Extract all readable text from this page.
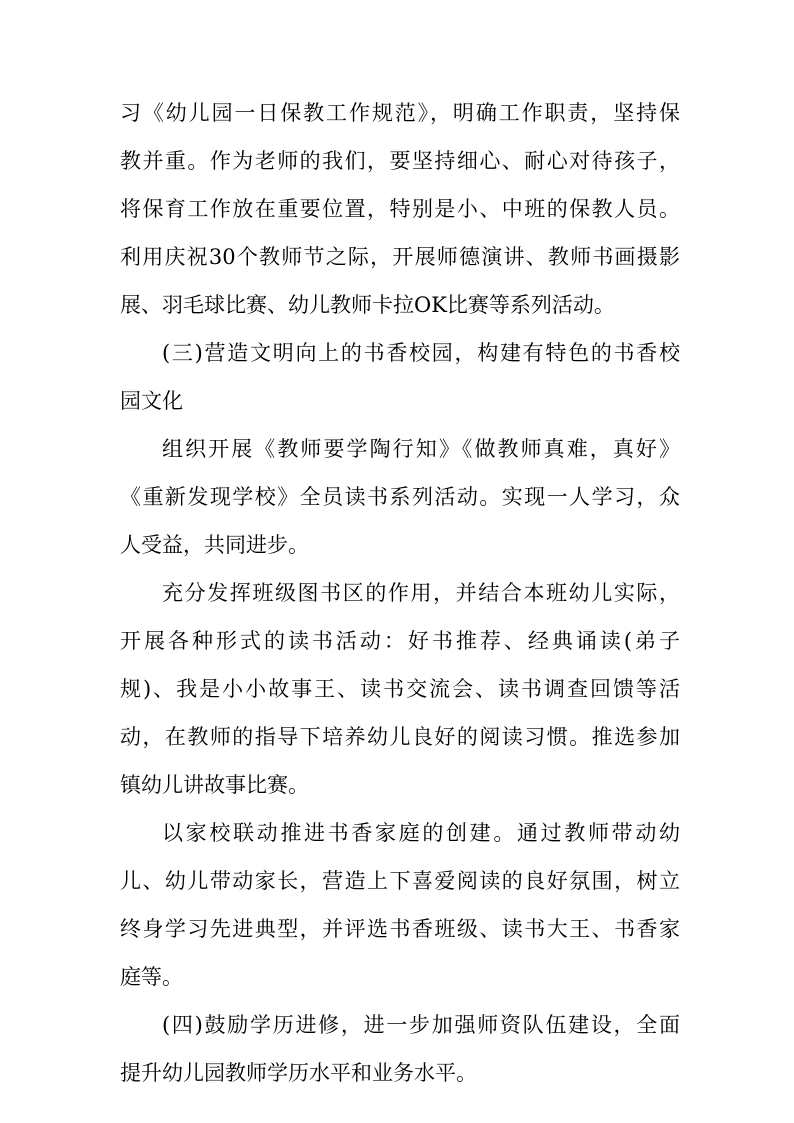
习《幼儿园一日保教工作规范》，明确工作职责，坚持保
教并重。作为老师的我们，要坚持细心、耐心对待孩子，
将保育工作放在重要位置，特别是小、中班的保教人员。
利用庆祝30个教师节之际，开展师德演讲、教师书画摄影
展、羽毛球比赛、幼儿教师卡拉OK比赛等系列活动。
(三)营造文明向上的书香校园，构建有特色的书香校
园文化
组织开展《教师要学陶行知》《做教师真难，真好》
《重新发现学校》全员读书系列活动。实现一人学习，众
人受益，共同进步。
充分发挥班级图书区的作用，并结合本班幼儿实际，
开展各种形式的读书活动：好书推荐、经典诵读(弟子
规)、我是小小故事王、读书交流会、读书调查回馈等活
动，在教师的指导下培养幼儿良好的阅读习惯。推选参加
镇幼儿讲故事比赛。
以家校联动推进书香家庭的创建。通过教师带动幼
儿、幼儿带动家长，营造上下喜爱阅读的良好氛围，树立
终身学习先进典型，并评选书香班级、读书大王、书香家
庭等。
(四)鼓励学历进修，进一步加强师资队伍建设，全面
提升幼儿园教师学历水平和业务水平。
